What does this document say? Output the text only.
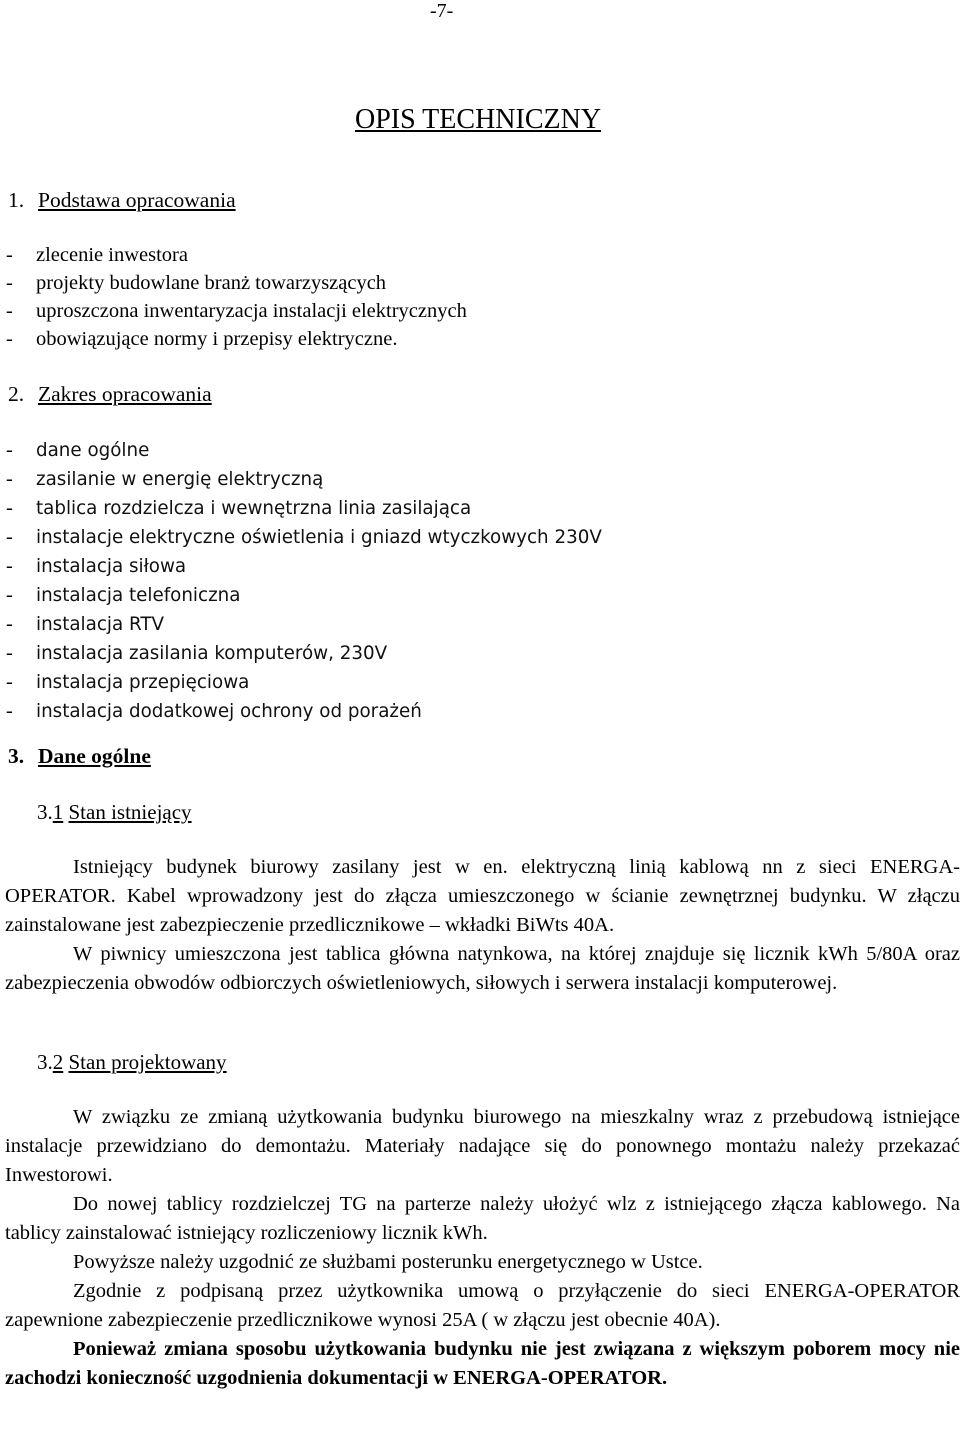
-7-
OPIS TECHNICZNY
1. Podstawa opracowania
- zlecenie inwestora
- projekty budowlane branż towarzyszących
- uproszczona inwentaryzacja instalacji elektrycznych
- obowiązujące normy i przepisy elektryczne.
2. Zakres opracowania
- dane ogólne
- zasilanie w energię elektryczną
- tablica rozdzielcza i wewnętrzna linia zasilająca
- instalacje elektryczne oświetlenia i gniazd wtyczkowych 230V
- instalacja siłowa
- instalacja telefoniczna
- instalacja RTV
- instalacja zasilania komputerów, 230V
- instalacja przepięciowa
- instalacja dodatkowej ochrony od porażeń
3. Dane ogólne
3.1 Stan istniejący

Istniejący budynek biurowy zasilany jest w en. elektryczną linią kablową nn z sieci ENERGA-OPERATOR. Kabel wprowadzony jest do złącza umieszczonego w ścianie zewnętrznej budynku. W złączu zainstalowane jest zabezpieczenie przedlicznikowe – wkładki BiWts 40A.

W piwnicy umieszczona jest tablica główna natynkowa, na której znajduje się licznik kWh 5/80A oraz zabezpieczenia obwodów odbiorczych oświetleniowych, siłowych i serwera instalacji komputerowej.

3.2 Stan projektowany

W związku ze zmianą użytkowania budynku biurowego na mieszkalny wraz z przebudową istniejące instalacje przewidziano do demontażu. Materiały nadające się do ponownego montażu należy przekazać Inwestorowi.

Do nowej tablicy rozdzielczej TG na parterze należy ułożyć wlz z istniejącego złącza kablowego. Na tablicy zainstalować istniejący rozliczeniowy licznik kWh.

Powyższe należy uzgodnić ze służbami posterunku energetycznego w Ustce.

Zgodnie z podpisaną przez użytkownika umową o przyłączenie do sieci ENERGA-OPERATOR zapewnione zabezpieczenie przedlicznikowe wynosi 25A ( w złączu jest obecnie 40A).

Ponieważ zmiana sposobu użytkowania budynku nie jest związana z większym poborem mocy nie zachodzi konieczność uzgodnienia dokumentacji w ENERGA-OPERATOR.
